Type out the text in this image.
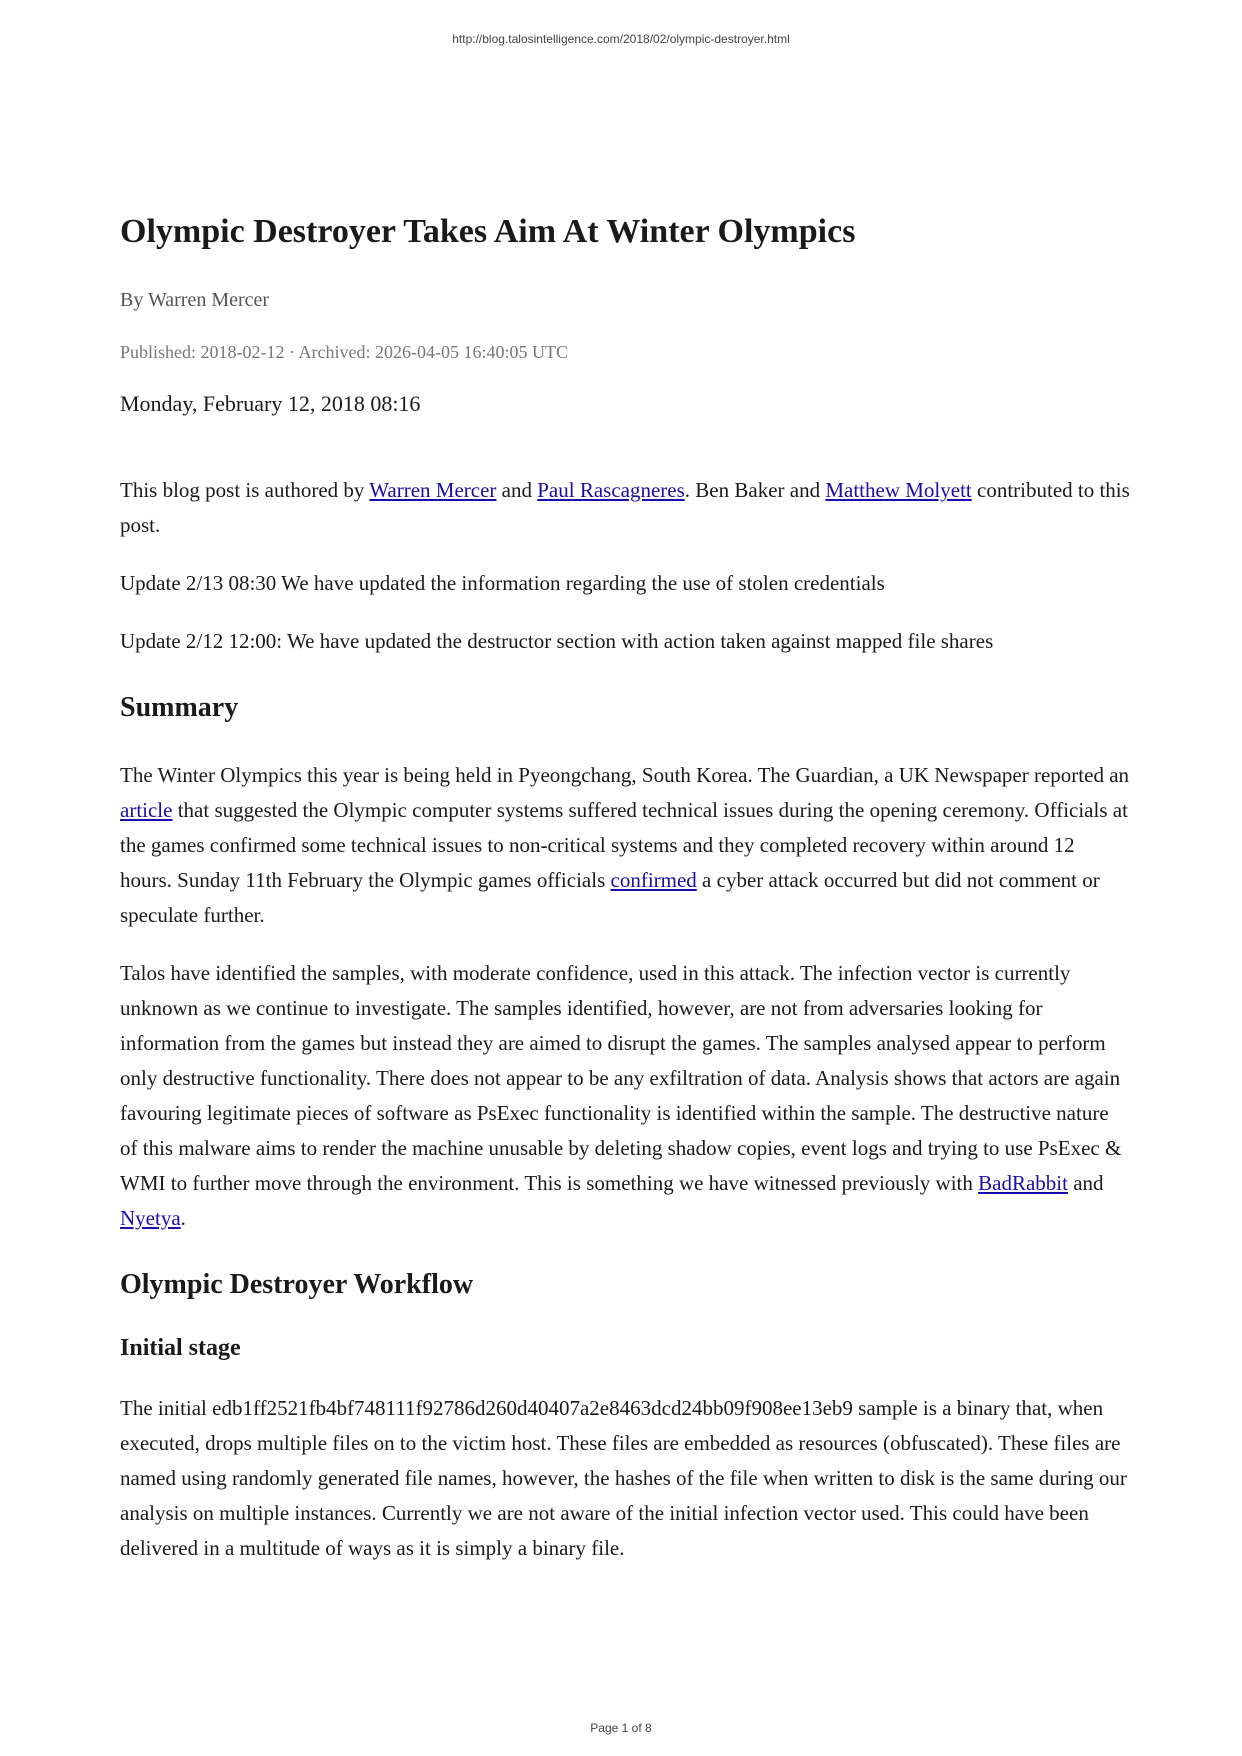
http://blog.talosintelligence.com/2018/02/olympic-destroyer.html
Olympic Destroyer Takes Aim At Winter Olympics
By Warren Mercer
Published: 2018-02-12 · Archived: 2026-04-05 16:40:05 UTC
Monday, February 12, 2018 08:16

This blog post is authored by Warren Mercer and Paul Rascagneres. Ben Baker and Matthew Molyett contributed to this post.

Update 2/13 08:30 We have updated the information regarding the use of stolen credentials

Update 2/12 12:00: We have updated the destructor section with action taken against mapped file shares

Summary

The Winter Olympics this year is being held in Pyeongchang, South Korea. The Guardian, a UK Newspaper reported an article that suggested the Olympic computer systems suffered technical issues during the opening ceremony. Officials at the games confirmed some technical issues to non-critical systems and they completed recovery within around 12 hours. Sunday 11th February the Olympic games officials confirmed a cyber attack occurred but did not comment or speculate further.

Talos have identified the samples, with moderate confidence, used in this attack. The infection vector is currently unknown as we continue to investigate. The samples identified, however, are not from adversaries looking for information from the games but instead they are aimed to disrupt the games. The samples analysed appear to perform only destructive functionality. There does not appear to be any exfiltration of data. Analysis shows that actors are again favouring legitimate pieces of software as PsExec functionality is identified within the sample. The destructive nature of this malware aims to render the machine unusable by deleting shadow copies, event logs and trying to use PsExec & WMI to further move through the environment. This is something we have witnessed previously with BadRabbit and Nyetya.

Olympic Destroyer Workflow
Initial stage

The initial edb1ff2521fb4bf748111f92786d260d40407a2e8463dcd24bb09f908ee13eb9 sample is a binary that, when executed, drops multiple files on to the victim host. These files are embedded as resources (obfuscated). These files are named using randomly generated file names, however, the hashes of the file when written to disk is the same during our analysis on multiple instances. Currently we are not aware of the initial infection vector used. This could have been delivered in a multitude of ways as it is simply a binary file.

Page 1 of 8
